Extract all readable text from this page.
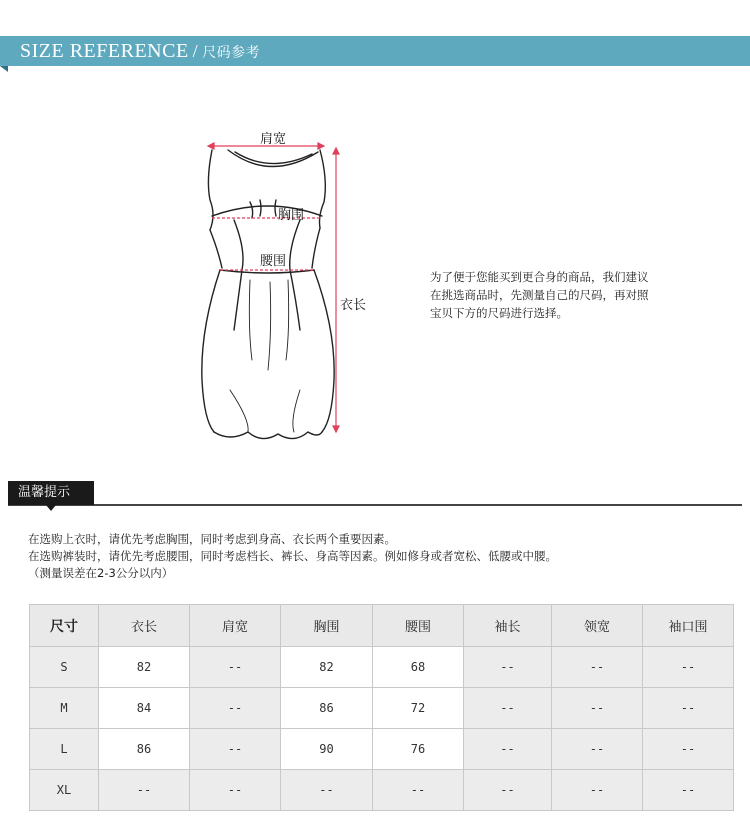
SIZE REFERENCE / 尺码参考
肩宽
胸围
腰围
衣长
为了便于您能买到更合身的商品，我们建议
在挑选商品时，先测量自己的尺码，再对照
宝贝下方的尺码进行选择。
温馨提示
在选购上衣时，请优先考虑胸围，同时考虑到身高、衣长两个重要因素。
在选购裤装时，请优先考虑腰围，同时考虑档长、裤长、身高等因素。例如修身或者宽松、低腰或中腰。
（测量误差在2-3公分以内）
尺寸	衣长	肩宽	胸围	腰围	袖长	领宽	袖口围
S	82	--	82	68	--	--	--
M	84	--	86	72	--	--	--
L	86	--	90	76	--	--	--
XL	--	--	--	--	--	--	--
